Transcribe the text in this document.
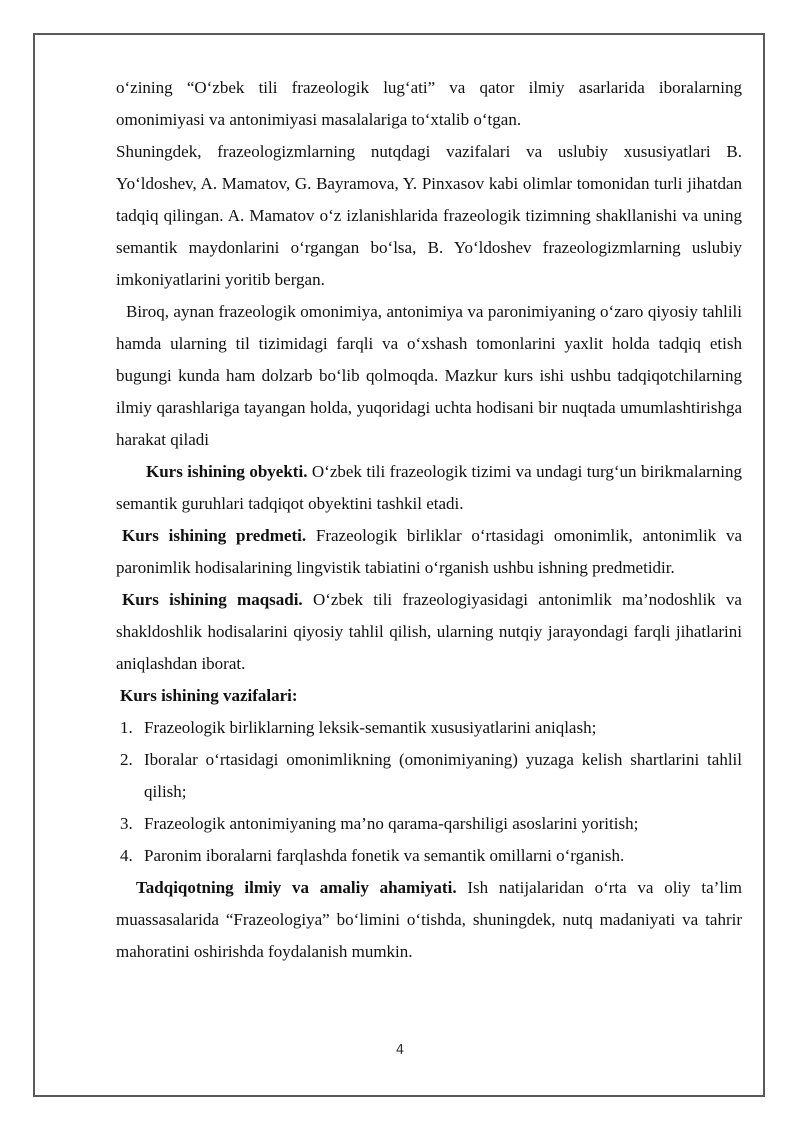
o‘zining “O‘zbek tili frazeologik lug‘ati” va qator ilmiy asarlarida iboralarning omonimiyasi va antonimiyasi masalalariga to‘xtalib o‘tgan.

Shuningdek, frazeologizmlarning nutqdagi vazifalari va uslubiy xususiyatlari B. Yo‘ldoshev, A. Mamatov, G. Bayramova, Y. Pinxasov kabi olimlar tomonidan turli jihatdan tadqiq qilingan. A. Mamatov o‘z izlanishlarida frazeologik tizimning shakllanishi va uning semantik maydonlarini o‘rgangan bo‘lsa, B. Yo‘ldoshev frazeologizmlarning uslubiy imkoniyatlarini yoritib bergan.

Biroq, aynan frazeologik omonimiya, antonimiya va paronimiyaning o‘zaro qiyosiy tahlili hamda ularning til tizimidagi farqli va o‘xshash tomonlarini yaxlit holda tadqiq etish bugungi kunda ham dolzarb bo‘lib qolmoqda. Mazkur kurs ishi ushbu tadqiqotchilarning ilmiy qarashlariga tayangan holda, yuqoridagi uchta hodisani bir nuqtada umumlashtirishga harakat qiladi

Kurs ishining obyekti. O‘zbek tili frazeologik tizimi va undagi turg‘un birikmalarning semantik guruhlari tadqiqot obyektini tashkil etadi.

Kurs ishining predmeti. Frazeologik birliklar o‘rtasidagi omonimlik, antonimlik va paronimlik hodisalarining lingvistik tabiatini o‘rganish ushbu ishning predmetidir.

Kurs ishining maqsadi. O‘zbek tili frazeologiyasidagi antonimlik ma’nodoshlik va shakldoshlik hodisalarini qiyosiy tahlil qilish, ularning nutqiy jarayondagi farqli jihatlarini aniqlashdan iborat.

Kurs ishining vazifalari:

1. Frazeologik birliklarning leksik-semantik xususiyatlarini aniqlash;
2. Iboralar o‘rtasidagi omonimlikning (omonimiyaning) yuzaga kelish shartlarini tahlil qilish;
3. Frazeologik antonimiyaning ma’no qarama-qarshiligi asoslarini yoritish;
4. Paronim iboralarni farqlashda fonetik va semantik omillarni o‘rganish.

Tadqiqotning ilmiy va amaliy ahamiyati. Ish natijalaridan o‘rta va oliy ta’lim muassasalarida “Frazeologiya” bo‘limini o‘tishda, shuningdek, nutq madaniyati va tahrir mahoratini oshirishda foydalanish mumkin.

4
